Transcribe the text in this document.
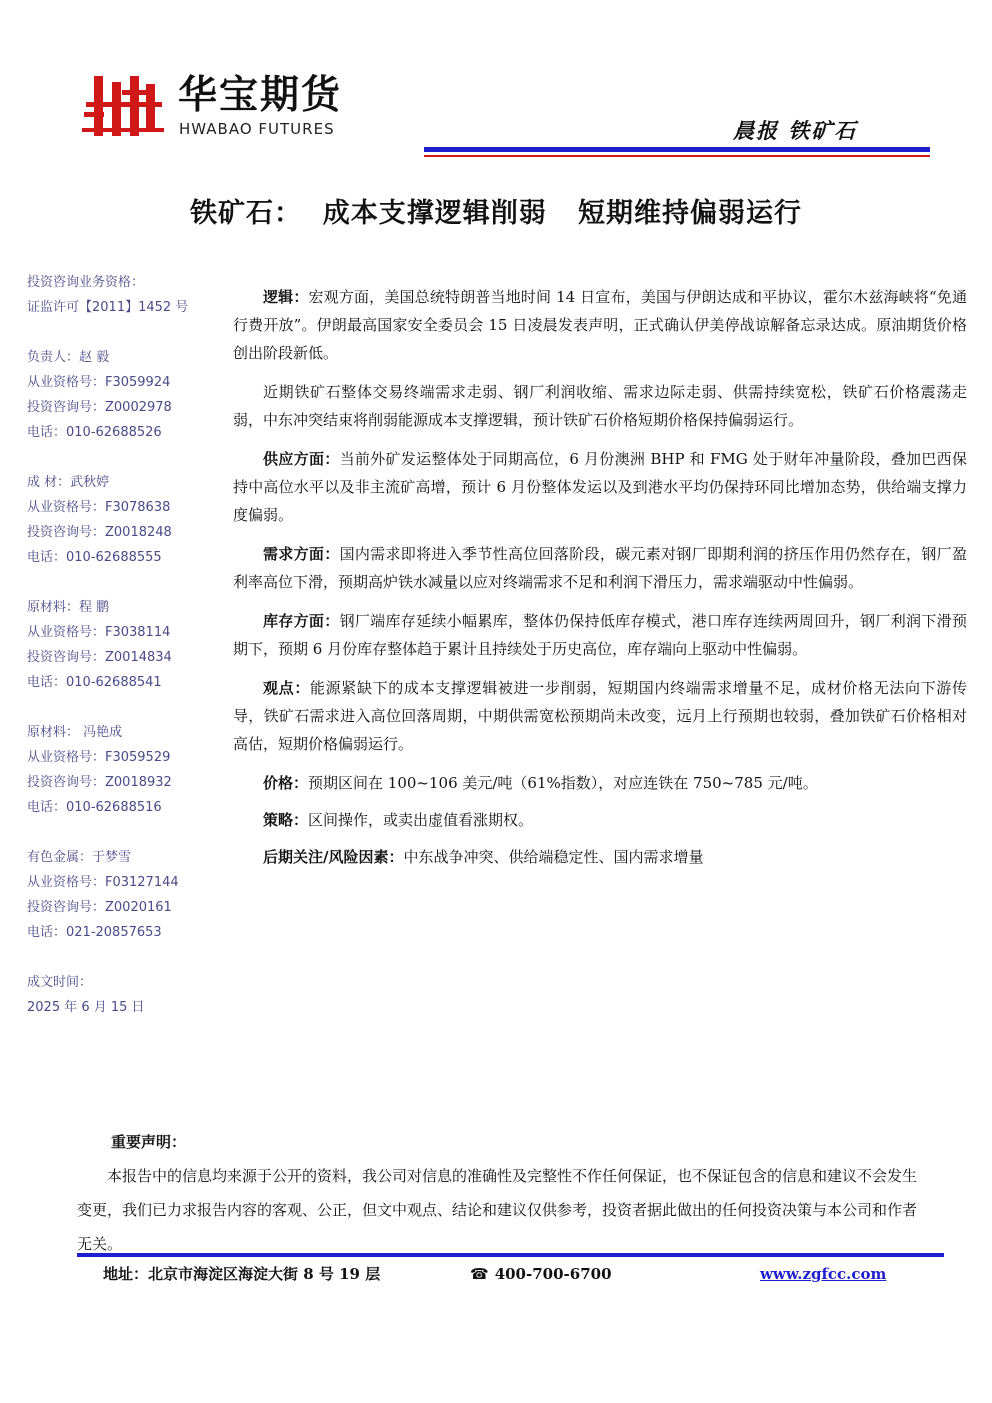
华宝期货
HWABAO FUTURES	晨报 铁矿石
铁矿石：  成本支撑逻辑削弱   短期维持偏弱运行
投资咨询业务资格：
证监许可【2011】1452 号
负责人：赵 毅
从业资格号：F3059924
投资咨询号：Z0002978
电话：010-62688526
成 材：武秋婷
从业资格号：F3078638
投资咨询号：Z0018248
电话：010-62688555
原材料：程 鹏
从业资格号：F3038114
投资咨询号：Z0014834
电话：010-62688541
原材料： 冯艳成
从业资格号：F3059529
投资咨询号：Z0018932
电话：010-62688516
有色金属：于梦雪
从业资格号：F03127144
投资咨询号：Z0020161
电话：021-20857653
成文时间：
2025 年 6 月 15 日

逻辑：宏观方面，美国总统特朗普当地时间 14 日宣布，美国与伊朗达成和平协议，霍尔木兹海峡将“免通行费开放”。伊朗最高国家安全委员会 15 日凌晨发表声明，正式确认伊美停战谅解备忘录达成。原油期货价格创出阶段新低。

近期铁矿石整体交易终端需求走弱、钢厂利润收缩、需求边际走弱、供需持续宽松，铁矿石价格震荡走弱，中东冲突结束将削弱能源成本支撑逻辑，预计铁矿石价格短期价格保持偏弱运行。

供应方面：当前外矿发运整体处于同期高位，6 月份澳洲 BHP 和 FMG 处于财年冲量阶段，叠加巴西保持中高位水平以及非主流矿高增，预计 6 月份整体发运以及到港水平均仍保持环同比增加态势，供给端支撑力度偏弱。

需求方面：国内需求即将进入季节性高位回落阶段，碳元素对钢厂即期利润的挤压作用仍然存在，钢厂盈利率高位下滑，预期高炉铁水减量以应对终端需求不足和利润下滑压力，需求端驱动中性偏弱。

库存方面：钢厂端库存延续小幅累库，整体仍保持低库存模式，港口库存连续两周回升，钢厂利润下滑预期下，预期 6 月份库存整体趋于累计且持续处于历史高位，库存端向上驱动中性偏弱。

观点：能源紧缺下的成本支撑逻辑被进一步削弱，短期国内终端需求增量不足，成材价格无法向下游传导，铁矿石需求进入高位回落周期，中期供需宽松预期尚未改变，远月上行预期也较弱，叠加铁矿石价格相对高估，短期价格偏弱运行。

价格：预期区间在 100~106 美元/吨（61%指数），对应连铁在 750~785 元/吨。

策略：区间操作，或卖出虚值看涨期权。

后期关注/风险因素：中东战争冲突、供给端稳定性、国内需求增量

重要声明：
本报告中的信息均来源于公开的资料，我公司对信息的准确性及完整性不作任何保证，也不保证包含的信息和建议不会发生变更，我们已力求报告内容的客观、公正，但文中观点、结论和建议仅供参考，投资者据此做出的任何投资决策与本公司和作者无关。
地址：北京市海淀区海淀大街 8 号 19 层	☎ 400-700-6700	www.zgfcc.com
